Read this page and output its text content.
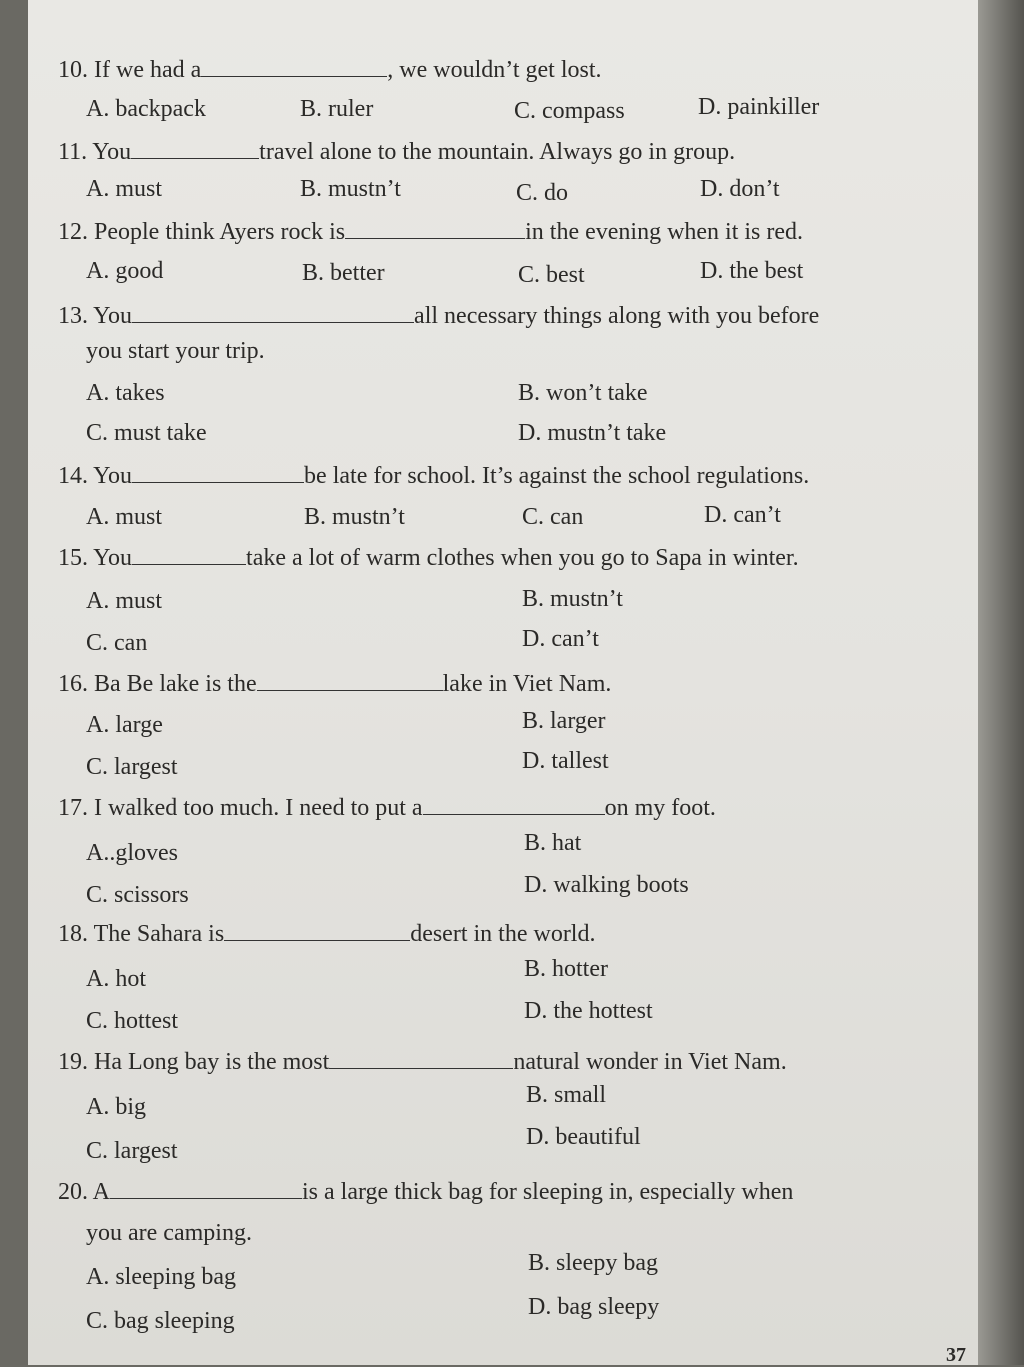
10. If we had a	, we wouldn’t get lost.
A. backpack	B. ruler	C. compass	D. painkiller
11. You	travel alone to the mountain. Always go in group.
A. must	B. mustn’t	C. do	D. don’t
12. People think Ayers rock is	in the evening when it is red.
A. good	B. better	C. best	D. the best
13. You	all necessary things along with you before
you start your trip.
A. takes	B. won’t take
C. must take	D. mustn’t take
14. You	be late for school. It’s against the school regulations.
A. must	B. mustn’t	C. can	D. can’t
15. You	take a lot of warm clothes when you go to Sapa in winter.
A. must	B. mustn’t
C. can	D. can’t
16. Ba Be lake is the	lake in Viet Nam.
A. large	B. larger
C. largest	D. tallest
17. I walked too much. I need to put a	on my foot.
A..gloves	B. hat
C. scissors	D. walking boots
18. The Sahara is	desert in the world.
A. hot	B. hotter
C. hottest	D. the hottest
19. Ha Long bay is the most	natural wonder in Viet Nam.
A. big	B. small
C. largest
D. beautiful
20. A	is a large thick bag for sleeping in, especially when
you are camping.
A. sleeping bag
B. sleepy bag
C. bag sleeping
D. bag sleepy
37
